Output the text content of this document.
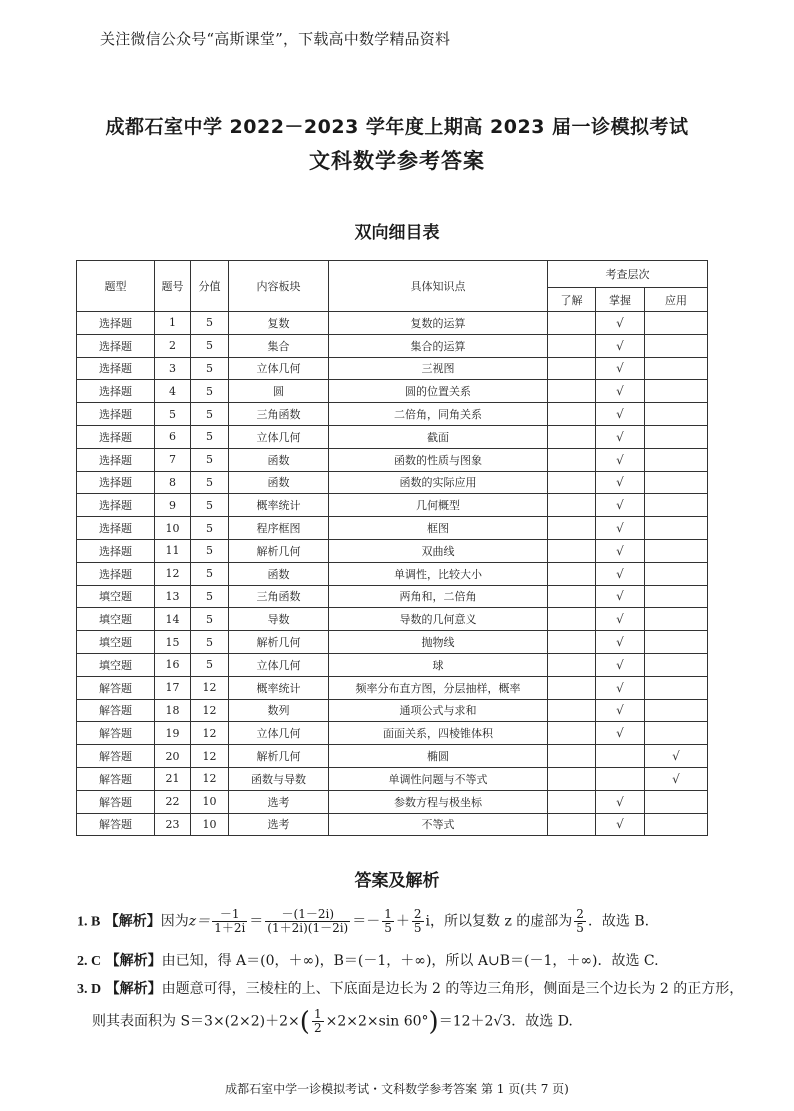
关注微信公众号“高斯课堂”，下载高中数学精品资料
成都石室中学 2022－2023 学年度上期高 2023 届一诊模拟考试
文科数学参考答案
双向细目表
题型	题号	分值	内容板块	具体知识点	考查层次		
					了解	掌握	应用
选择题	1	5	复数	复数的运算		√	
选择题	2	5	集合	集合的运算		√	
选择题	3	5	立体几何	三视图		√	
选择题	4	5	圆	圆的位置关系		√	
选择题	5	5	三角函数	二倍角，同角关系		√	
选择题	6	5	立体几何	截面		√	
选择题	7	5	函数	函数的性质与图象		√	
选择题	8	5	函数	函数的实际应用		√	
选择题	9	5	概率统计	几何概型		√	
选择题	10	5	程序框图	框图		√	
选择题	11	5	解析几何	双曲线		√	
选择题	12	5	函数	单调性，比较大小		√	
填空题	13	5	三角函数	两角和，二倍角		√	
填空题	14	5	导数	导数的几何意义		√	
填空题	15	5	解析几何	抛物线		√	
填空题	16	5	立体几何	球		√	
解答题	17	12	概率统计	频率分布直方图，分层抽样，概率		√	
解答题	18	12	数列	通项公式与求和		√	
解答题	19	12	立体几何	面面关系，四棱锥体积		√	
解答题	20	12	解析几何	椭圆			√
解答题	21	12	函数与导数	单调性问题与不等式			√
解答题	22	10	选考	参数方程与极坐标		√	
解答题	23	10	选考	不等式		√	
答案及解析
1. B 【解析】因为$z= \frac{-1}{1+2i} = \frac{-(1-2i)}{(1+2i)(1-2i)} =- \frac{1}{5} + \frac{2}{5}$ i，所以复数 z 的虚部为 $\frac{2}{5}$ ．故选 B.
2. C 【解析】由已知，得 A＝(0，＋∞)，B＝(－1，＋∞)，所以 A∪B＝(－1，＋∞)．故选 C.
3. D 【解析】由题意可得，三棱柱的上、下底面是边长为 2 的等边三角形，侧面是三个边长为 2 的正方形，
则其表面积为 $S=3\times(2\times 2)+2\times( \frac{1}{2} \times 2\times 2\times\sin$ 60°)＝12＋2√3．故选 D.
成都石室中学一诊模拟考试・文科数学参考答案 第 1 页(共 7 页)
